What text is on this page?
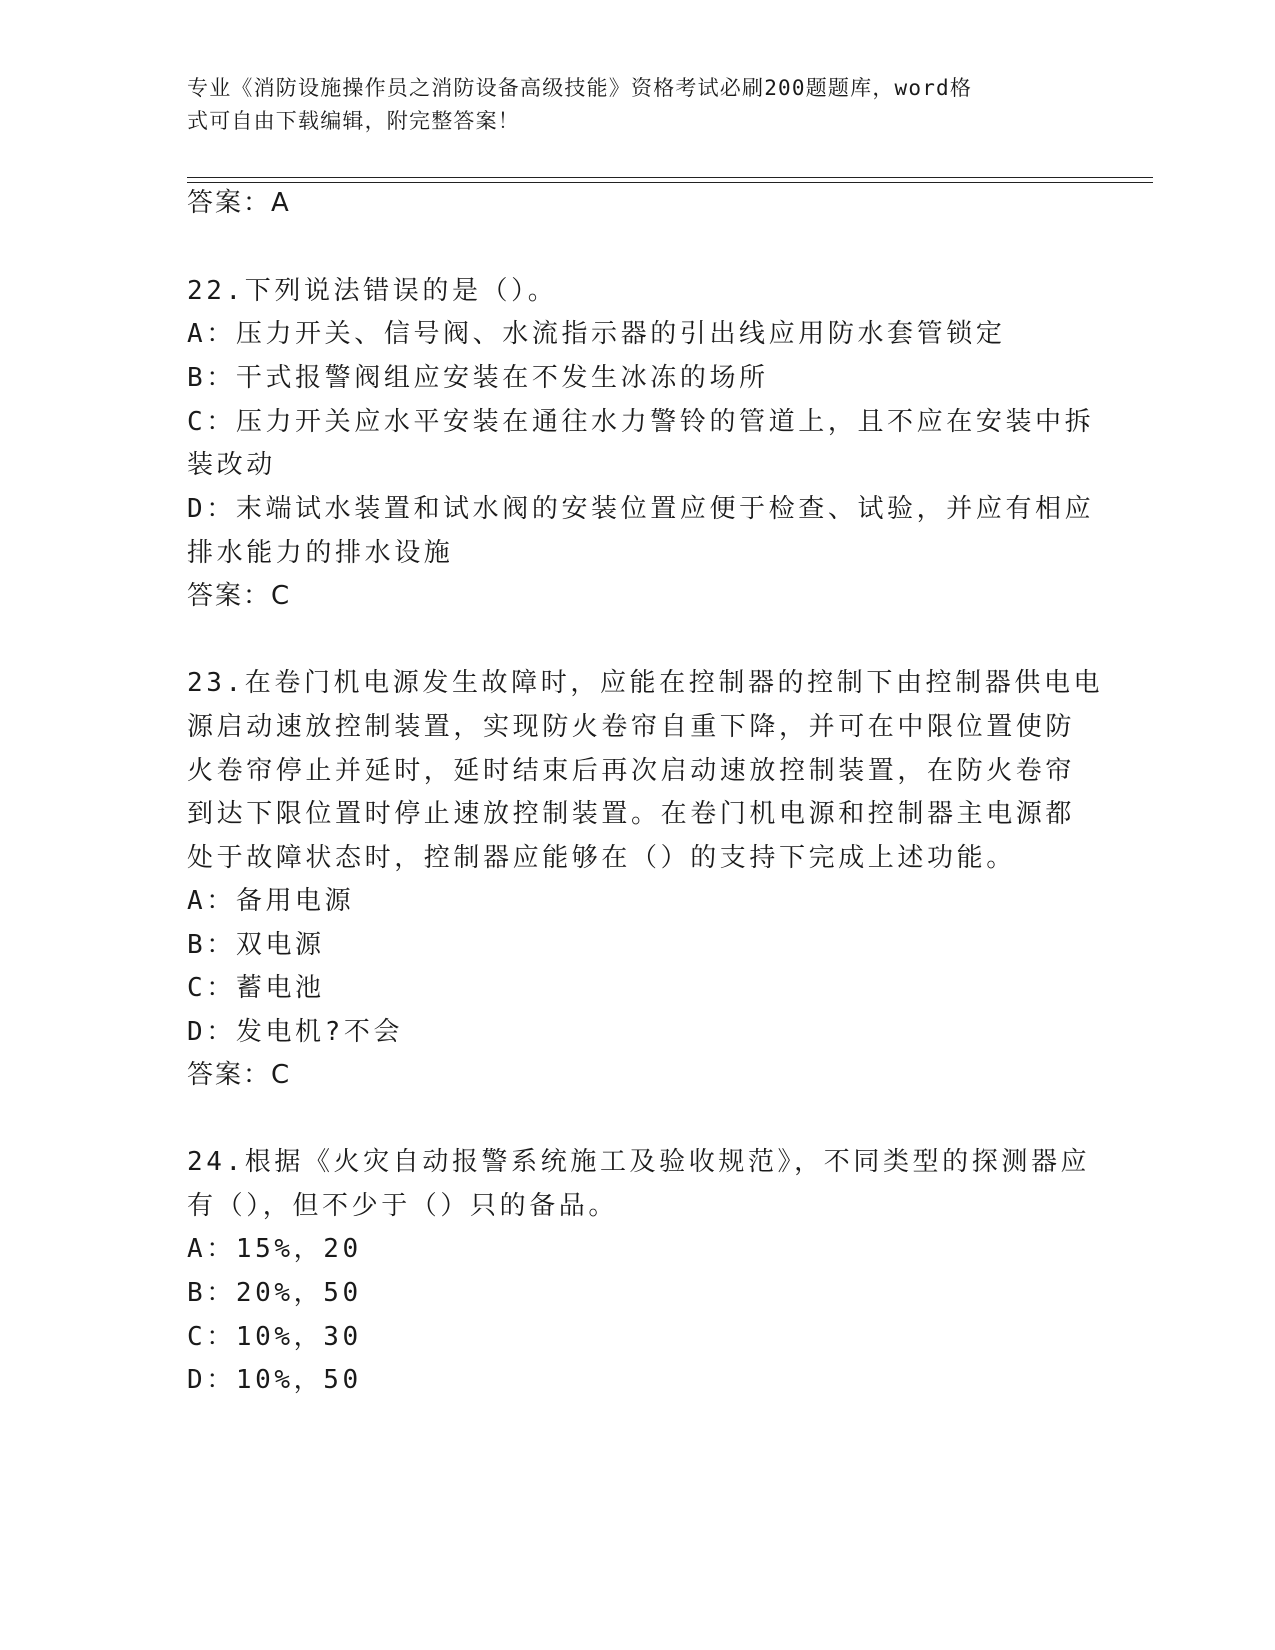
专业《消防设施操作员之消防设备高级技能》资格考试必刷200题题库，word格
式可自由下载编辑，附完整答案！
答案：A
22.下列说法错误的是（）。
A：压力开关、信号阀、水流指示器的引出线应用防水套管锁定
B：干式报警阀组应安装在不发生冰冻的场所
C：压力开关应水平安装在通往水力警铃的管道上，且不应在安装中拆
装改动
D：末端试水装置和试水阀的安装位置应便于检查、试验，并应有相应
排水能力的排水设施
答案：C
23.在卷门机电源发生故障时，应能在控制器的控制下由控制器供电电
源启动速放控制装置，实现防火卷帘自重下降，并可在中限位置使防
火卷帘停止并延时，延时结束后再次启动速放控制装置，在防火卷帘
到达下限位置时停止速放控制装置。在卷门机电源和控制器主电源都
处于故障状态时，控制器应能够在（）的支持下完成上述功能。
A：备用电源
B：双电源
C：蓄电池
D：发电机?不会
答案：C
24.根据《火灾自动报警系统施工及验收规范》，不同类型的探测器应
有（），但不少于（）只的备品。
A：15%，20
B：20%，50
C：10%，30
D：10%，50
